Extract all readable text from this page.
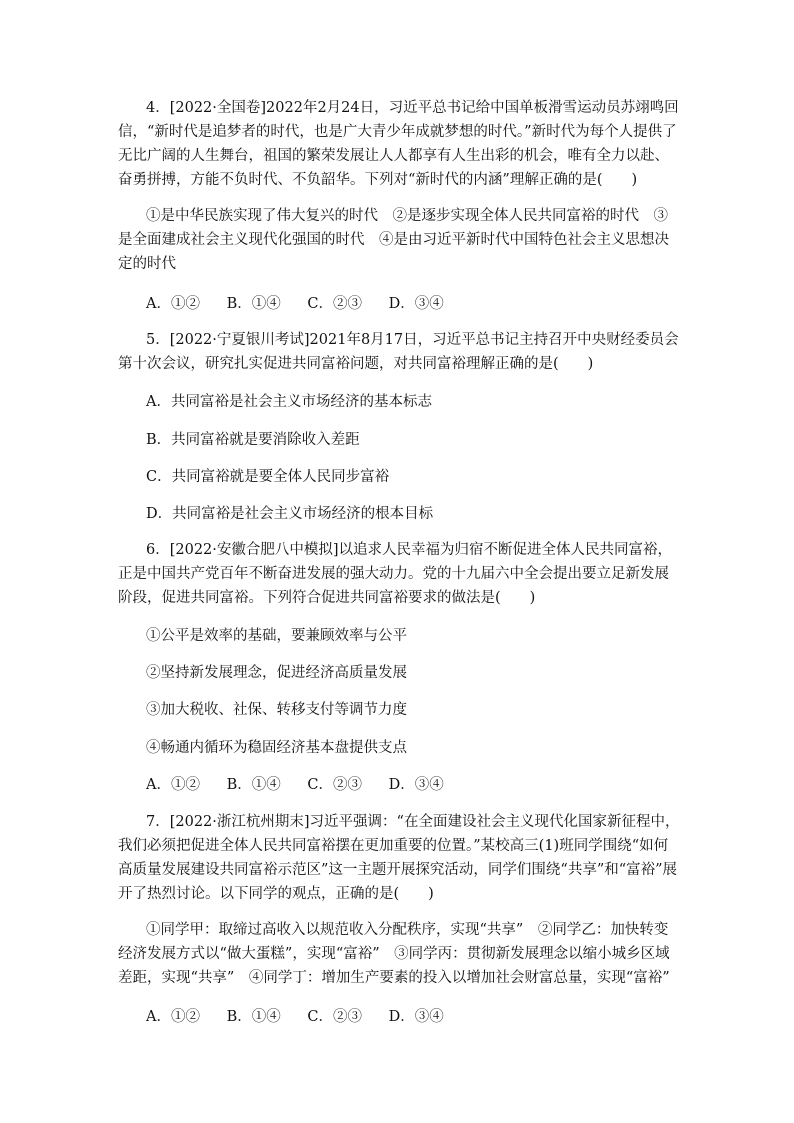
4．[2022·全国卷]2022年2月24日，习近平总书记给中国单板滑雪运动员苏翊鸣回信，“新时代是追梦者的时代，也是广大青少年成就梦想的时代。”新时代为每个人提供了无比广阔的人生舞台，祖国的繁荣发展让人人都享有人生出彩的机会，唯有全力以赴、奋勇拼搏，方能不负时代、不负韶华。下列对“新时代的内涵”理解正确的是(　　)
①是中华民族实现了伟大复兴的时代　②是逐步实现全体人民共同富裕的时代　③是全面建成社会主义现代化强国的时代　④是由习近平新时代中国特色社会主义思想决定的时代
A．①② B．①④ C．②③ D．③④
5．[2022·宁夏银川考试]2021年8月17日，习近平总书记主持召开中央财经委员会第十次会议，研究扎实促进共同富裕问题，对共同富裕理解正确的是(　　)
A．共同富裕是社会主义市场经济的基本标志
B．共同富裕就是要消除收入差距
C．共同富裕就是要全体人民同步富裕
D．共同富裕是社会主义市场经济的根本目标
6．[2022·安徽合肥八中模拟]以追求人民幸福为归宿不断促进全体人民共同富裕，正是中国共产党百年不断奋进发展的强大动力。党的十九届六中全会提出要立足新发展阶段，促进共同富裕。下列符合促进共同富裕要求的做法是(　　)
①公平是效率的基础，要兼顾效率与公平
②坚持新发展理念，促进经济高质量发展
③加大税收、社保、转移支付等调节力度
④畅通内循环为稳固经济基本盘提供支点
A．①② B．①④ C．②③ D．③④
7．[2022·浙江杭州期末]习近平强调：“在全面建设社会主义现代化国家新征程中，我们必须把促进全体人民共同富裕摆在更加重要的位置。”某校高三(1)班同学围绕“如何高质量发展建设共同富裕示范区”这一主题开展探究活动，同学们围绕“共享”和“富裕”展开了热烈讨论。以下同学的观点，正确的是(　　)
①同学甲：取缔过高收入以规范收入分配秩序，实现“共享”　②同学乙：加快转变经济发展方式以“做大蛋糕”，实现“富裕”　③同学丙：贯彻新发展理念以缩小城乡区域差距，实现“共享”　④同学丁：增加生产要素的投入以增加社会财富总量，实现“富裕”
A．①② B．①④ C．②③ D．③④
